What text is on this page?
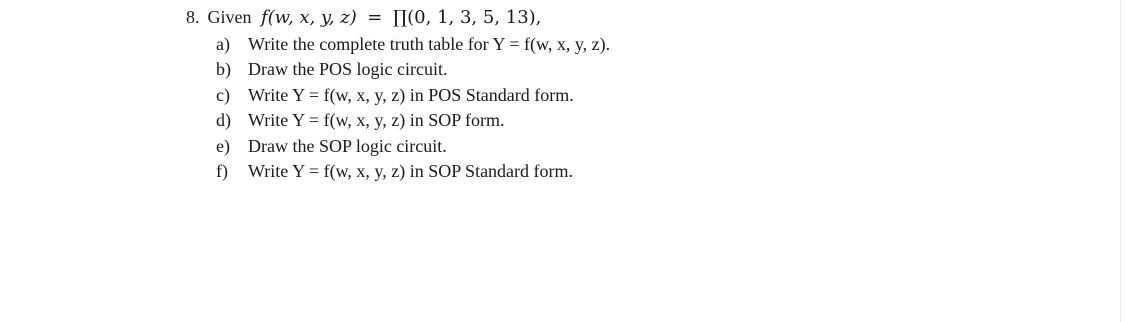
8. Given f(w, x, y, z) = ∏(0, 1, 3, 5, 13),
a) Write the complete truth table for Y = f(w, x, y, z).
b) Draw the POS logic circuit.
c) Write Y = f(w, x, y, z) in POS Standard form.
d) Write Y = f(w, x, y, z) in SOP form.
e) Draw the SOP logic circuit.
f) Write Y = f(w, x, y, z) in SOP Standard form.
